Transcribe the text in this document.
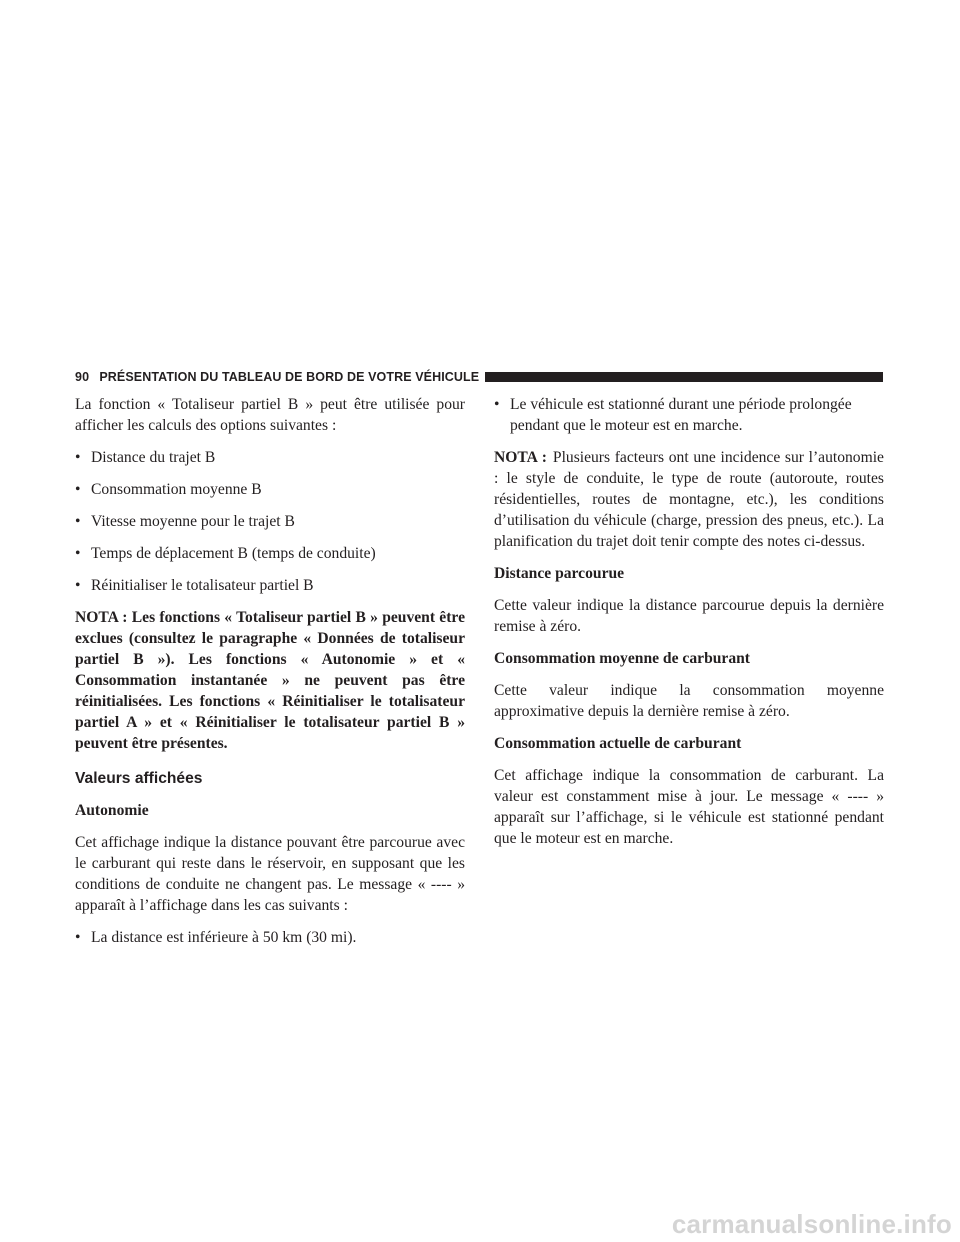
90 PRÉSENTATION DU TABLEAU DE BORD DE VOTRE VÉHICULE

La fonction « Totaliseur partiel B » peut être utilisée pour afficher les calculs des options suivantes :

• Distance du trajet B
• Consommation moyenne B
• Vitesse moyenne pour le trajet B
• Temps de déplacement B (temps de conduite)
• Réinitialiser le totalisateur partiel B

NOTA : Les fonctions « Totaliseur partiel B » peuvent être exclues (consultez le paragraphe « Données de totaliseur partiel B »). Les fonctions « Autonomie » et « Consommation instantanée » ne peuvent pas être réinitialisées. Les fonctions « Réinitialiser le totalisateur partiel A » et « Réinitialiser le totalisateur partiel B » peuvent être présentes.

Valeurs affichées
Autonomie

Cet affichage indique la distance pouvant être parcourue avec le carburant qui reste dans le réservoir, en supposant que les conditions de conduite ne changent pas. Le message « ---- » apparaît à l’affichage dans les cas suivants :

• La distance est inférieure à 50 km (30 mi).
• Le véhicule est stationné durant une période prolongée pendant que le moteur est en marche.

NOTA : Plusieurs facteurs ont une incidence sur l’autonomie : le style de conduite, le type de route (autoroute, routes résidentielles, routes de montagne, etc.), les conditions d’utilisation du véhicule (charge, pression des pneus, etc.). La planification du trajet doit tenir compte des notes ci-dessus.

Distance parcourue

Cette valeur indique la distance parcourue depuis la dernière remise à zéro.

Consommation moyenne de carburant

Cette valeur indique la consommation moyenne approximative depuis la dernière remise à zéro.

Consommation actuelle de carburant

Cet affichage indique la consommation de carburant. La valeur est constamment mise à jour. Le message « ---- » apparaît sur l’affichage, si le véhicule est stationné pendant que le moteur est en marche.

carmanualsonline.info
